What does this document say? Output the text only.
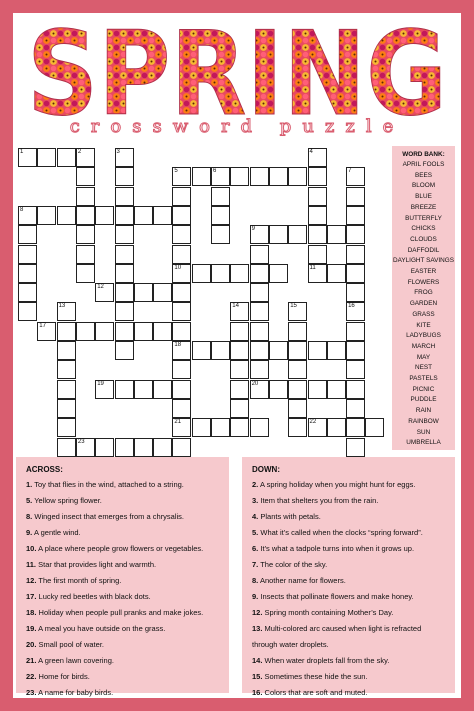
SPRING
crossword puzzle
1	2
5	6
8
9
10	11
12
17
18
19	20
21	22
23
3	4
7
16
13	14	15
WORD BANK:
APRIL FOOLS
BEES
BLOOM
BLUE
BREEZE
BUTTERFLY
CHICKS
CLOUDS
DAFFODIL
DAYLIGHT SAVINGS
EASTER
FLOWERS
FROG
GARDEN
GRASS
KITE
LADYBUGS
MARCH
MAY
NEST
PASTELS
PICNIC
PUDDLE
RAIN
RAINBOW
SUN
UMBRELLA
ACROSS:
1. Toy that flies in the wind, attached to a string.
5. Yellow spring flower.
8. Winged insect that emerges from a chrysalis.
9. A gentle wind.
10. A place where people grow flowers or vegetables.
11. Star that provides light and warmth.
12. The first month of spring.
17. Lucky red beetles with black dots.
18. Holiday when people pull pranks and make jokes.
19. A meal you have outside on the grass.
20. Small pool of water.
21. A green lawn covering.
22. Home for birds.
23. A name for baby birds.
DOWN:
2. A spring holiday when you might hunt for eggs.
3. Item that shelters you from the rain.
4. Plants with petals.
5. What it’s called when the clocks “spring forward”.
6. It’s what a tadpole turns into when it grows up.
7. The color of the sky.
8. Another name for flowers.
9. Insects that pollinate flowers and make honey.
12. Spring month containing Mother’s Day.
13. Multi-colored arc caused when light is refracted through water droplets.
14. When water droplets fall from the sky.
15. Sometimes these hide the sun.
16. Colors that are soft and muted.
